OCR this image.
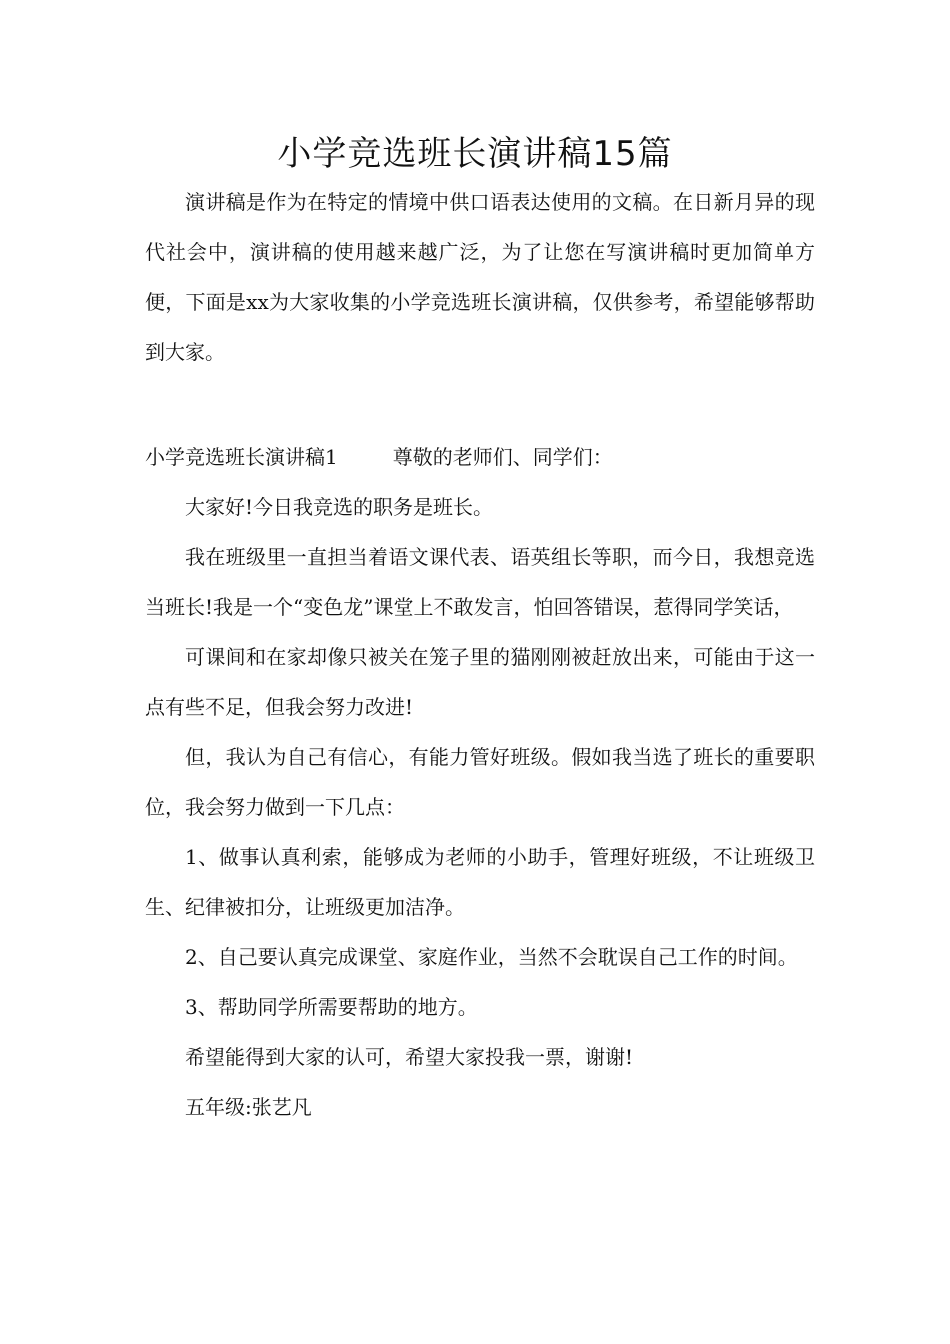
小学竞选班长演讲稿15篇

演讲稿是作为在特定的情境中供口语表达使用的文稿。在日新月异的现代社会中，演讲稿的使用越来越广泛，为了让您在写演讲稿时更加简单方便，下面是xx为大家收集的小学竞选班长演讲稿，仅供参考，希望能够帮助到大家。

小学竞选班长演讲稿1	尊敬的老师们、同学们：

大家好!今日我竞选的职务是班长。

我在班级里一直担当着语文课代表、语英组长等职，而今日，我想竞选当班长!我是一个“变色龙”课堂上不敢发言，怕回答错误，惹得同学笑话，

可课间和在家却像只被关在笼子里的猫刚刚被赶放出来，可能由于这一点有些不足，但我会努力改进!

但，我认为自己有信心，有能力管好班级。假如我当选了班长的重要职位，我会努力做到一下几点：

1、做事认真利索，能够成为老师的小助手，管理好班级，不让班级卫生、纪律被扣分，让班级更加洁净。

2、自己要认真完成课堂、家庭作业，当然不会耽误自己工作的时间。

3、帮助同学所需要帮助的地方。

希望能得到大家的认可，希望大家投我一票，谢谢!

五年级:张艺凡
